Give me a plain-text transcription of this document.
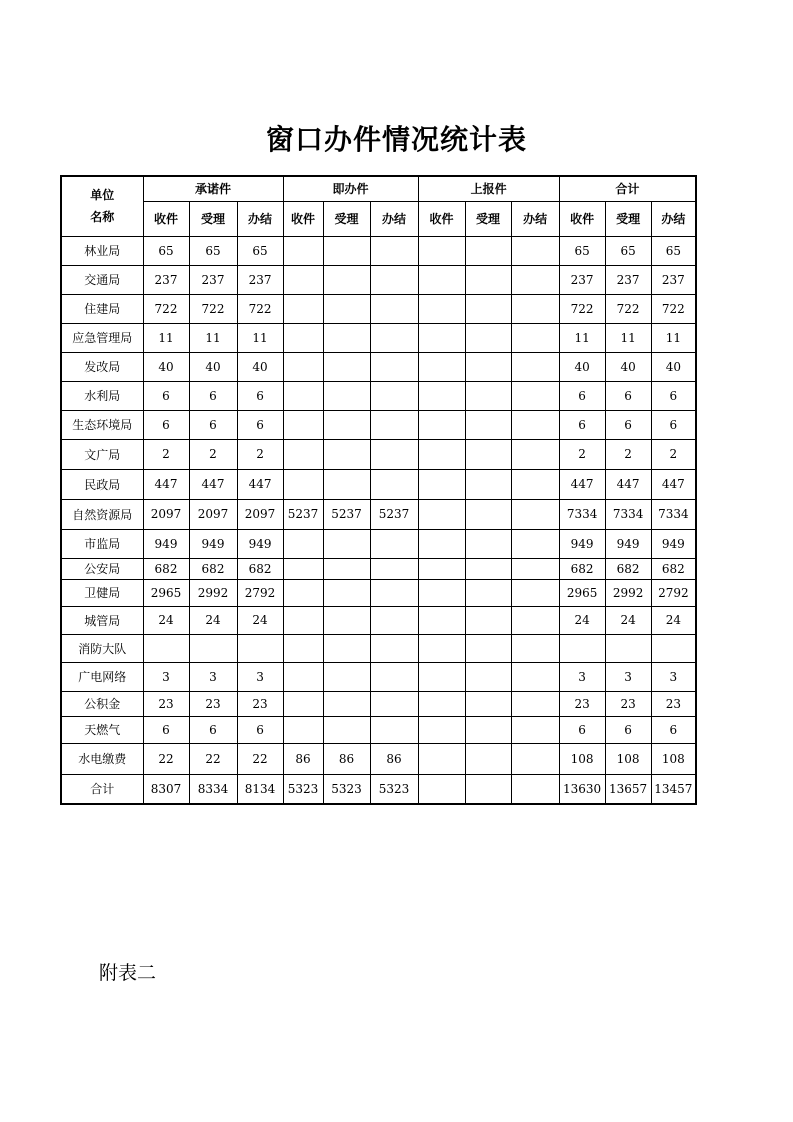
窗口办件情况统计表
单位
名称	承诺件			即办件			上报件			合计		
	收件	受理	办结	收件	受理	办结	收件	受理	办结	收件	受理	办结
林业局	65	65	65							65	65	65
交通局	237	237	237							237	237	237
住建局	722	722	722							722	722	722
应急管理局	11	11	11							11	11	11
发改局	40	40	40							40	40	40
水利局	6	6	6							6	6	6
生态环境局	6	6	6							6	6	6
文广局	2	2	2							2	2	2
民政局	447	447	447							447	447	447
自然资源局	2097	2097	2097	5237	5237	5237				7334	7334	7334
市监局	949	949	949							949	949	949
公安局	682	682	682							682	682	682
卫健局	2965	2992	2792							2965	2992	2792
城管局	24	24	24							24	24	24
消防大队												
广电网络	3	3	3							3	3	3
公积金	23	23	23							23	23	23
天燃气	6	6	6							6	6	6
水电缴费	22	22	22	86	86	86				108	108	108
合计	8307	8334	8134	5323	5323	5323				13630	13657	13457
附表二
